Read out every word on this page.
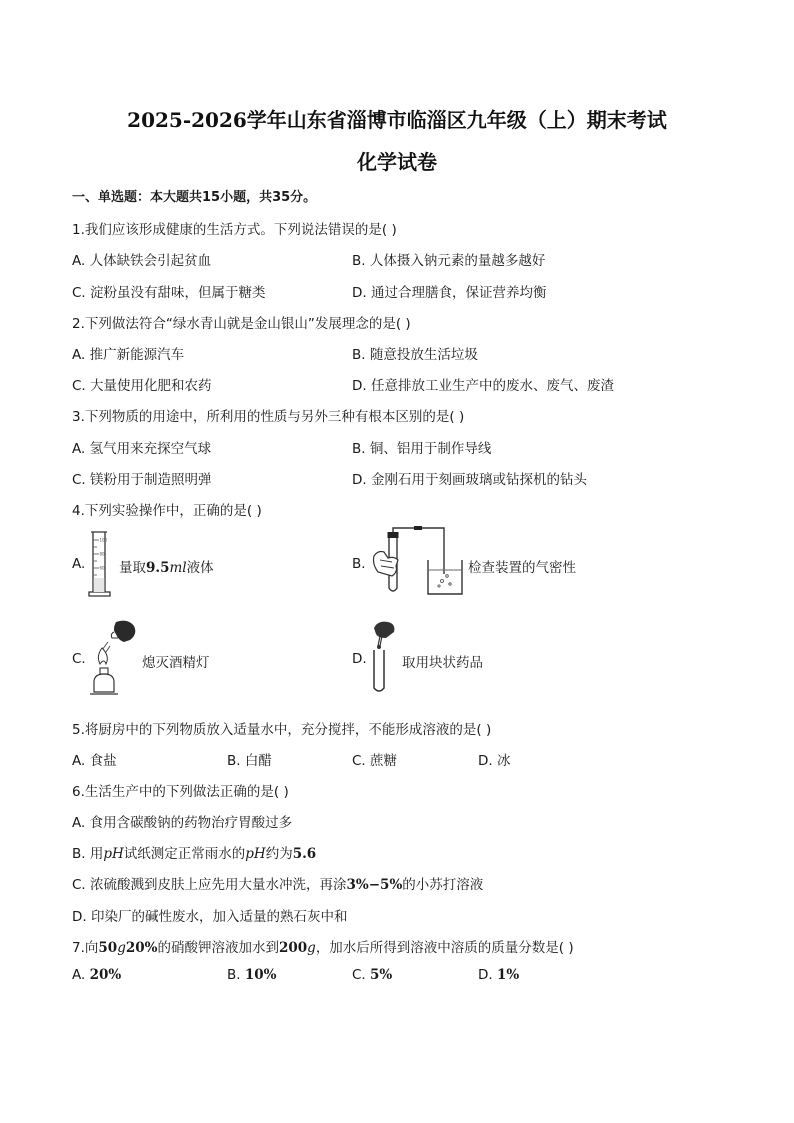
2025-2026学年山东省淄博市临淄区九年级（上）期末考试
化学试卷
一、单选题：本大题共15小题，共35分。
1.我们应该形成健康的生活方式。下列说法错误的是( )
A. 人体缺铁会引起贫血	B. 人体摄入钠元素的量越多越好
C. 淀粉虽没有甜味，但属于糖类	D. 通过合理膳食，保证营养均衡
2.下列做法符合“绿水青山就是金山银山”发展理念的是( )
A. 推广新能源汽车	B. 随意投放生活垃圾
C. 大量使用化肥和农药	D. 任意排放工业生产中的废水、废气、废渣
3.下列物质的用途中，所利用的性质与另外三种有根本区别的是( )
A. 氢气用来充探空气球	B. 铜、铝用于制作导线
C. 镁粉用于制造照明弹	D. 金刚石用于刻画玻璃或钻探机的钻头
4.下列实验操作中，正确的是( )
A.
100
80
60 量取9.5ml液体	B.	检查装置的气密性
C.	熄灭酒精灯	D.	取用块状药品
5.将厨房中的下列物质放入适量水中，充分搅拌，不能形成溶液的是( )
A. 食盐	B. 白醋	C. 蔗糖	D. 冰
6.生活生产中的下列做法正确的是( )
A. 食用含碳酸钠的药物治疗胃酸过多
B. 用pH试纸测定正常雨水的pH约为5.6
C. 浓硫酸溅到皮肤上应先用大量水冲洗，再涂3%−5%的小苏打溶液
D. 印染厂的碱性废水，加入适量的熟石灰中和
7.向50g20%的硝酸钾溶液加水到200g，加水后所得到溶液中溶质的质量分数是( )
A. 20%	B. 10%	C. 5%	D. 1%
